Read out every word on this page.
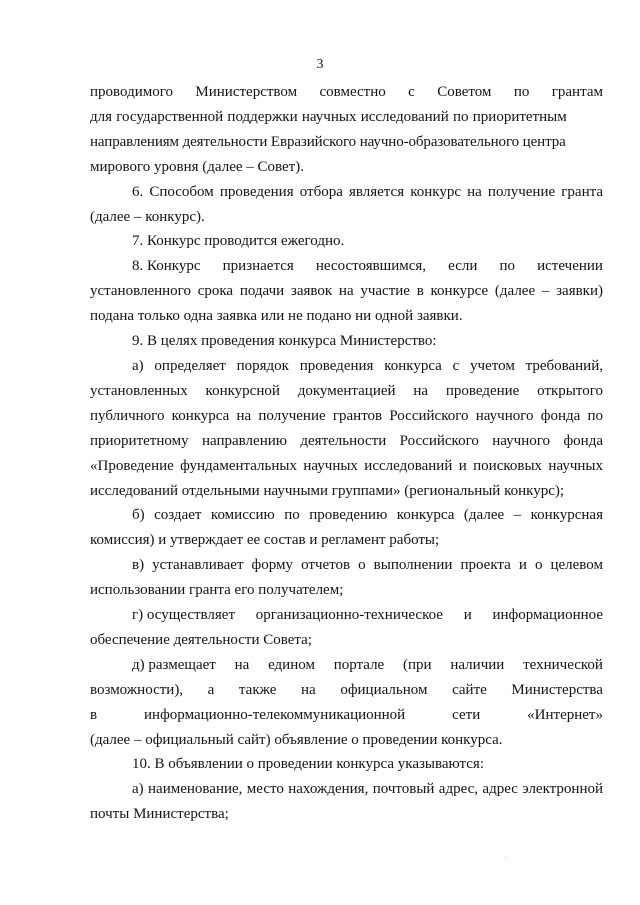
3
проводимого Министерством совместно с Советом по грантам
для государственной поддержки научных исследований по приоритетным
направлениям деятельности Евразийского научно-образовательного центра
мирового уровня (далее – Совет).

6. Способом проведения отбора является конкурс на получение гранта (далее – конкурс).

7. Конкурс проводится ежегодно.

8. Конкурс признается несостоявшимся, если по истечении

установленного срока подачи заявок на участие в конкурсе (далее – заявки) подана только одна заявка или не подано ни одной заявки.

9. В целях проведения конкурса Министерство:

а) определяет порядок проведения конкурса с учетом требований, установленных конкурсной документацией на проведение открытого публичного конкурса на получение грантов Российского научного фонда по приоритетному направлению деятельности Российского научного фонда «Проведение фундаментальных научных исследований и поисковых научных исследований отдельными научными группами» (региональный конкурс);

б) создает комиссию по проведению конкурса (далее – конкурсная комиссия) и утверждает ее состав и регламент работы;

в) устанавливает форму отчетов о выполнении проекта и о целевом использовании гранта его получателем;

г) осуществляет организационно-техническое и информационное
обеспечение деятельности Совета;
д) размещает на едином портале (при наличии технической
возможности), а также на официальном сайте Министерства
в	информационно-телекоммуникационной	сети	«Интернет»
(далее – официальный сайт) объявление о проведении конкурса.

10. В объявлении о проведении конкурса указываются:

а) наименование, место нахождения, почтовый адрес, адрес электронной почты Министерства;
